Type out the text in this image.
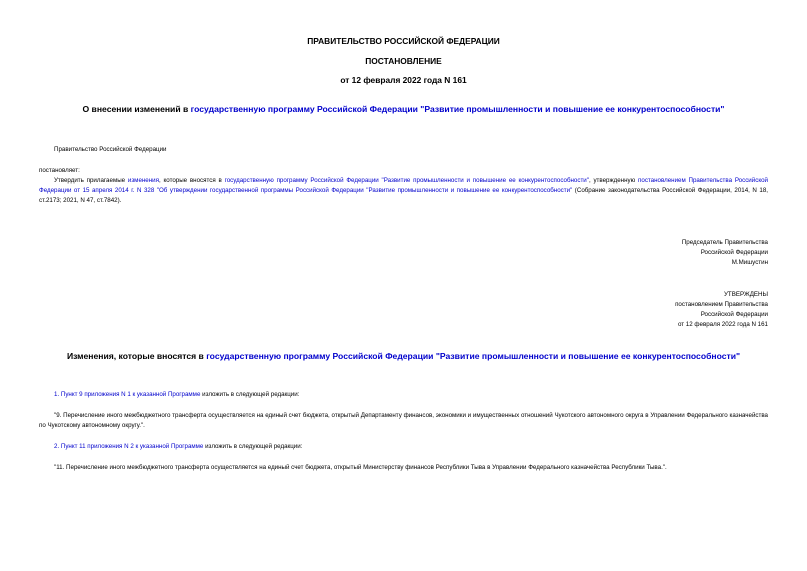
ПРАВИТЕЛЬСТВО РОССИЙСКОЙ ФЕДЕРАЦИИ
ПОСТАНОВЛЕНИЕ
от 12 февраля 2022 года N 161
О внесении изменений в государственную программу Российской Федерации "Развитие промышленности и повышение ее конкурентоспособности"
Правительство Российской Федерации
постановляет:
Утвердить прилагаемые изменения, которые вносятся в государственную программу Российской Федерации "Развитие промышленности и повышение ее конкурентоспособности", утвержденную постановлением Правительства Российской Федерации от 15 апреля 2014 г. N 328 "Об утверждении государственной программы Российской Федерации "Развитие промышленности и повышение ее конкурентоспособности" (Собрание законодательства Российской Федерации, 2014, N 18, ст.2173; 2021, N 47, ст.7842).
Председатель Правительства
Российской Федерации
М.Мишустин
УТВЕРЖДЕНЫ
постановлением Правительства
Российской Федерации
от 12 февраля 2022 года N 161
Изменения, которые вносятся в государственную программу Российской Федерации "Развитие промышленности и повышение ее конкурентоспособности"
1. Пункт 9 приложения N 1 к указанной Программе изложить в следующей редакции:
"9. Перечисление иного межбюджетного трансферта осуществляется на единый счет бюджета, открытый Департаменту финансов, экономики и имущественных отношений Чукотского автономного округа в Управлении Федерального казначейства по Чукотскому автономному округу.".
2. Пункт 11 приложения N 2 к указанной Программе изложить в следующей редакции:
"11. Перечисление иного межбюджетного трансферта осуществляется на единый счет бюджета, открытый Министерству финансов Республики Тыва в Управлении Федерального казначейства Республики Тыва.".
